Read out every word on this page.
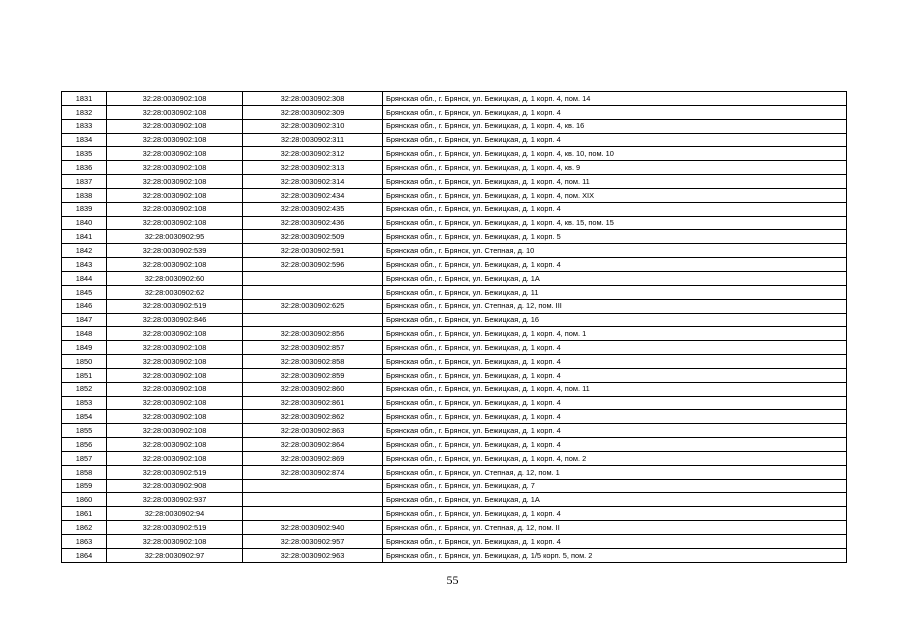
1831	32:28:0030902:108	32:28:0030902:308	Брянская обл., г. Брянск, ул. Бежицкая, д. 1 корп. 4, пом. 14
1832	32:28:0030902:108	32:28:0030902:309	Брянская обл., г. Брянск, ул. Бежицкая, д. 1 корп. 4
1833	32:28:0030902:108	32:28:0030902:310	Брянская обл., г. Брянск, ул. Бежицкая, д. 1 корп. 4, кв. 16
1834	32:28:0030902:108	32:28:0030902:311	Брянская обл., г. Брянск, ул. Бежицкая, д. 1 корп. 4
1835	32:28:0030902:108	32:28:0030902:312	Брянская обл., г. Брянск, ул. Бежицкая, д. 1 корп. 4, кв. 10, пом. 10
1836	32:28:0030902:108	32:28:0030902:313	Брянская обл., г. Брянск, ул. Бежицкая, д. 1 корп. 4, кв. 9
1837	32:28:0030902:108	32:28:0030902:314	Брянская обл., г. Брянск, ул. Бежицкая, д. 1 корп. 4, пом. 11
1838	32:28:0030902:108	32:28:0030902:434	Брянская обл., г. Брянск, ул. Бежицкая, д. 1 корп. 4, пом. XIX
1839	32:28:0030902:108	32:28:0030902:435	Брянская обл., г. Брянск, ул. Бежицкая, д. 1 корп. 4
1840	32:28:0030902:108	32:28:0030902:436	Брянская обл., г. Брянск, ул. Бежицкая, д. 1 корп. 4, кв. 15, пом. 15
1841	32:28:0030902:95	32:28:0030902:509	Брянская обл., г. Брянск, ул. Бежицкая, д. 1 корп. 5
1842	32:28:0030902:539	32:28:0030902:591	Брянская обл., г. Брянск, ул. Степная, д. 10
1843	32:28:0030902:108	32:28:0030902:596	Брянская обл., г. Брянск, ул. Бежицкая, д. 1 корп. 4
1844	32:28:0030902:60		Брянская обл., г. Брянск, ул. Бежицкая, д. 1А
1845	32:28:0030902:62		Брянская обл., г. Брянск, ул. Бежицкая, д. 11
1846	32:28:0030902:519	32:28:0030902:625	Брянская обл., г. Брянск, ул. Степная, д. 12, пом. III
1847	32:28:0030902:846		Брянская обл., г. Брянск, ул. Бежицкая, д. 16
1848	32:28:0030902:108	32:28:0030902:856	Брянская обл., г. Брянск, ул. Бежицкая, д. 1 корп. 4, пом. 1
1849	32:28:0030902:108	32:28:0030902:857	Брянская обл., г. Брянск, ул. Бежицкая, д. 1 корп. 4
1850	32:28:0030902:108	32:28:0030902:858	Брянская обл., г. Брянск, ул. Бежицкая, д. 1 корп. 4
1851	32:28:0030902:108	32:28:0030902:859	Брянская обл., г. Брянск, ул. Бежицкая, д. 1 корп. 4
1852	32:28:0030902:108	32:28:0030902:860	Брянская обл., г. Брянск, ул. Бежицкая, д. 1 корп. 4, пом. 11
1853	32:28:0030902:108	32:28:0030902:861	Брянская обл., г. Брянск, ул. Бежицкая, д. 1 корп. 4
1854	32:28:0030902:108	32:28:0030902:862	Брянская обл., г. Брянск, ул. Бежицкая, д. 1 корп. 4
1855	32:28:0030902:108	32:28:0030902:863	Брянская обл., г. Брянск, ул. Бежицкая, д. 1 корп. 4
1856	32:28:0030902:108	32:28:0030902:864	Брянская обл., г. Брянск, ул. Бежицкая, д. 1 корп. 4
1857	32:28:0030902:108	32:28:0030902:869	Брянская обл., г. Брянск, ул. Бежицкая, д. 1 корп. 4, пом. 2
1858	32:28:0030902:519	32:28:0030902:874	Брянская обл., г. Брянск, ул. Степная, д. 12, пом. 1
1859	32:28:0030902:908		Брянская обл., г. Брянск, ул. Бежицкая, д. 7
1860	32:28:0030902:937		Брянская обл., г. Брянск, ул. Бежицкая, д. 1А
1861	32:28:0030902:94		Брянская обл., г. Брянск, ул. Бежицкая, д. 1 корп. 4
1862	32:28:0030902:519	32:28:0030902:940	Брянская обл., г. Брянск, ул. Степная, д. 12, пом. II
1863	32:28:0030902:108	32:28:0030902:957	Брянская обл., г. Брянск, ул. Бежицкая, д. 1 корп. 4
1864	32:28:0030902:97	32:28:0030902:963	Брянская обл., г. Брянск, ул. Бежицкая, д. 1/5 корп. 5, пом. 2
55
